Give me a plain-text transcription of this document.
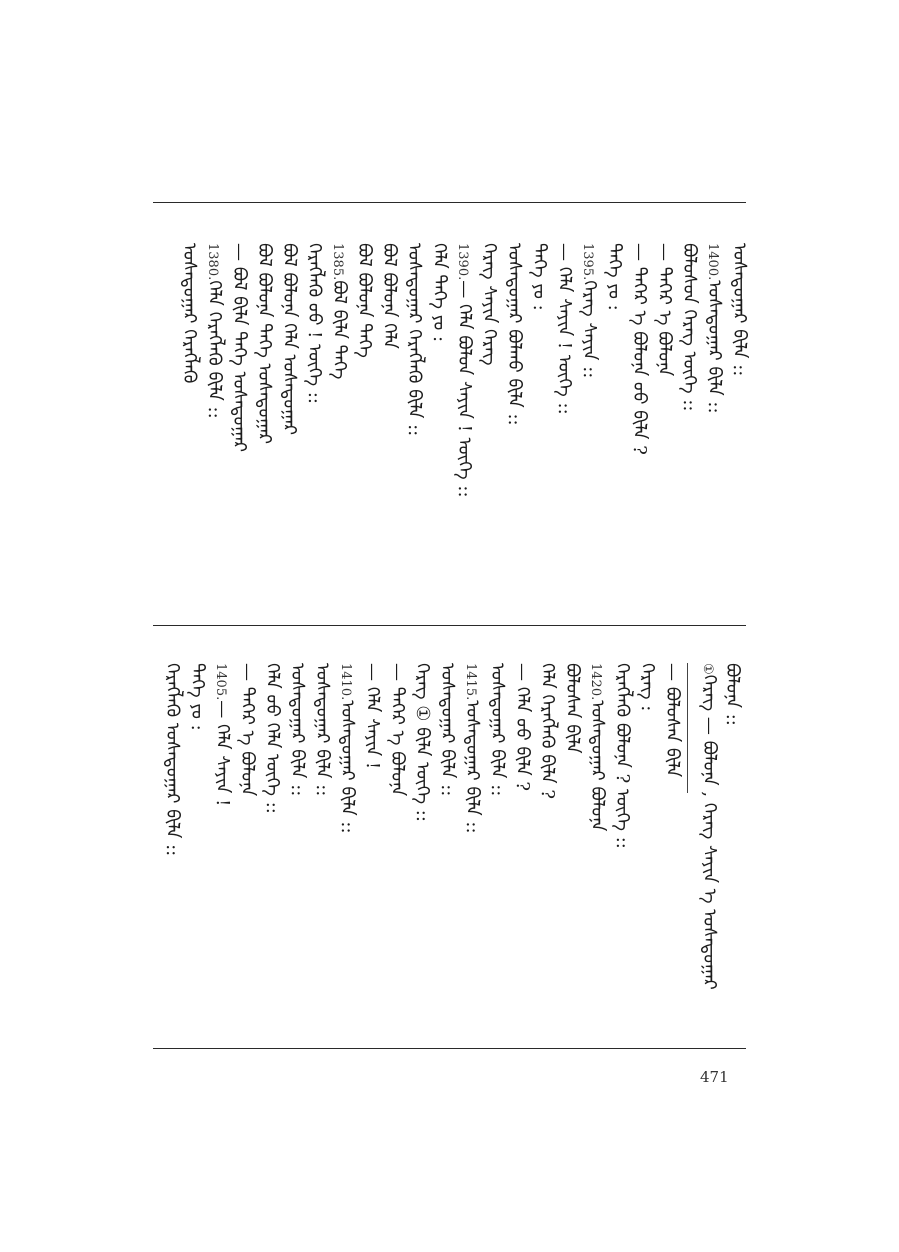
ᠤᠰᠠᠳᠤᠭᠠᠷ ᠪᠢᠯᠡ ::
1400.ᠤᠰᠠᠳᠤᠭᠠᠷ ᠪᠢᠯᠡ ::
ᠪᠣᠯᠣᠰᠣᠨ ᠬᠡᠷᠡᠭ ᠦᠭᠡ ::
— ᠲᠡᠭᠡᠷ ᠡ ᠪᠣᠯᠤᠨᠠ
— ᠲᠡᠭᠡᠷ ᠡ ᠪᠣᠯᠤᠨᠠ ᠤᠤ ᠪᠢᠯᠡ ?
ᠲᠡᠭᠡ ᠶᠤ :
1395.ᠬᠡᠷᠡᠭ ᠰᠠᠶᠢᠨ ::
— ᠬᠡᠯᠡ ᠰᠠᠶᠢᠨ ! ᠦᠭᠡ ::
ᠲᠡᠭᠡ ᠶᠤ :
ᠤᠰᠠᠳᠤᠭᠠᠷ ᠪᠣᠯᠬᠤ ᠪᠢᠯᠡ ::
ᠬᠡᠷᠡᠭ ᠰᠠᠶᠢᠨ ᠬᠡᠷᠡᠭ
1390.— ᠬᠡᠯᠡ ᠪᠣᠯᠤᠨ ᠰᠠᠶᠢᠨ ! ᠦᠭᠡ ::
ᠬᠡᠯᠡ ᠲᠡᠭᠡ ᠶᠤ :
ᠤᠰᠠᠳᠤᠭᠠᠷ ᠬᠡᠷᠡᠭᠯᠡᠬᠦ ᠪᠢᠯᠡ ::
ᠪᠣᠯ ᠪᠣᠯᠤᠨᠠ ᠬᠡᠯᠡ
ᠪᠣᠯ ᠪᠣᠯᠤᠨᠠ ᠲᠡᠭᠡ
1385.ᠪᠣᠯ ᠪᠢᠯᠡ ᠲᠡᠭᠡ
ᠬᠡᠷᠡᠭᠯᠡᠬᠦ ᠤᠤ ! ᠦᠭᠡ ::
ᠪᠣᠯ ᠪᠣᠯᠤᠨᠠ ᠬᠡᠯᠡ ᠤᠰᠠᠳᠤᠭᠠᠷ
ᠪᠣᠯ ᠪᠣᠯᠤᠨᠠ ᠲᠡᠭᠡ ᠤᠰᠠᠳᠤᠭᠠᠷ
— ᠪᠣᠯ ᠪᠢᠯᠡ ᠲᠡᠭᠡ ᠤᠰᠠᠳᠤᠭᠠᠷ
1380.ᠬᠡᠯᠡ ᠬᠡᠷᠡᠭᠯᠡᠬᠦ ᠪᠢᠯᠡ ::
ᠤᠰᠠᠳᠤᠭᠠᠷ ᠬᠡᠷᠡᠭᠯᠡᠬᠦ
ᠪᠣᠯᠤᠨᠠ ::
①ᠬᠡᠷᠡᠭ — ᠪᠣᠯᠤᠨᠠ , ᠬᠡᠷᠡᠭ ᠰᠠᠶᠢᠨ ᠡ ᠤᠰᠠᠳᠤᠭᠠᠷ
— ᠪᠣᠯᠤᠰᠠᠨ ᠪᠢᠯᠡ
ᠬᠡᠷᠡᠭ :
ᠬᠡᠷᠡᠭᠯᠡᠬᠦ ᠪᠣᠯᠤᠨᠠ ? ᠦᠭᠡ ::
1420.ᠤᠰᠠᠳᠤᠭᠠᠷ ᠪᠣᠯᠤᠨᠠ
ᠪᠣᠯᠤᠰᠠᠨ ᠪᠢᠯᠡ
ᠬᠡᠯᠡ ᠬᠡᠷᠡᠭᠯᠡᠬᠦ ᠪᠢᠯᠡ ?
— ᠬᠡᠯᠡ ᠤᠤ ᠪᠢᠯᠡ ?
ᠤᠰᠠᠳᠤᠭᠠᠷ ᠪᠢᠯᠡ ::
1415.ᠤᠰᠠᠳᠤᠭᠠᠷ ᠪᠢᠯᠡ ::
ᠤᠰᠠᠳᠤᠭᠠᠷ ᠪᠢᠯᠡ ::
ᠬᠡᠷᠡᠭ ① ᠪᠢᠯᠡ ᠦᠭᠡ ::
— ᠲᠡᠭᠡᠷ ᠡ ᠪᠣᠯᠤᠨᠠ
— ᠬᠡᠯᠡ ᠰᠠᠶᠢᠨ !
1410.ᠤᠰᠠᠳᠤᠭᠠᠷ ᠪᠢᠯᠡ ::
ᠤᠰᠠᠳᠤᠭᠠᠷ ᠪᠢᠯᠡ ::
ᠤᠰᠠᠳᠤᠭᠠᠷ ᠪᠢᠯᠡ ::
ᠬᠡᠯᠡ ᠤᠤ ᠬᠡᠯᠡ ᠦᠭᠡ ::
— ᠲᠡᠭᠡᠷ ᠡ ᠪᠣᠯᠤᠨᠠ
1405.— ᠬᠡᠯᠡ ᠰᠠᠶᠢᠨ !
ᠲᠡᠭᠡ ᠶᠤ :
ᠬᠡᠷᠡᠭᠯᠡᠬᠦ ᠤᠰᠠᠳᠤᠭᠠᠷ ᠪᠢᠯᠡ ::
471
